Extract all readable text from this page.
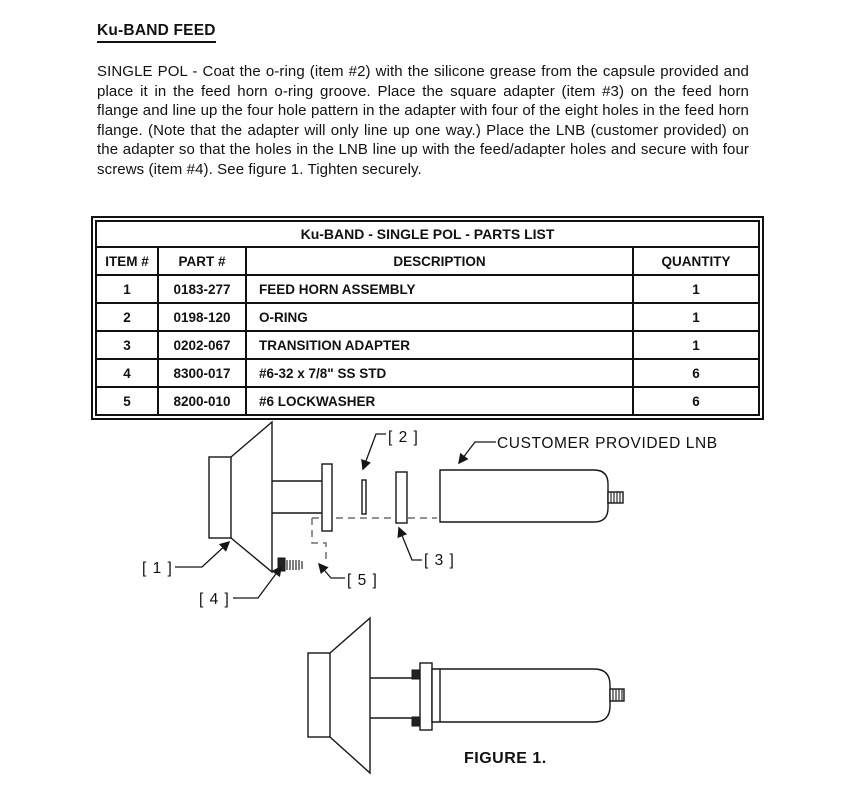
Ku-BAND FEED
SINGLE POL - Coat the o-ring (item #2) with the silicone grease from the capsule provided and place it in the feed horn o-ring groove. Place the square adapter (item #3) on the feed horn flange and line up the four hole pattern in the adapter with four of the eight holes in the feed horn flange. (Note that the adapter will only line up one way.) Place the LNB (customer provided) on the adapter so that the holes in the LNB line up with the feed/adapter holes and secure with four screws (item #4). See figure 1. Tighten securely.
Ku-BAND - SINGLE POL - PARTS LIST			
ITEM #	PART #	DESCRIPTION	QUANTITY
1	0183-277	FEED HORN ASSEMBLY	1
2	0198-120	O-RING	1
3	0202-067	TRANSITION ADAPTER	1
4	8300-017	#6-32 x 7/8" SS STD	6
5	8200-010	#6 LOCKWASHER	6
[ 1 ]
[ 2 ]
[ 3 ]
[ 4 ]
[ 5 ]
CUSTOMER PROVIDED LNB
FIGURE 1.
